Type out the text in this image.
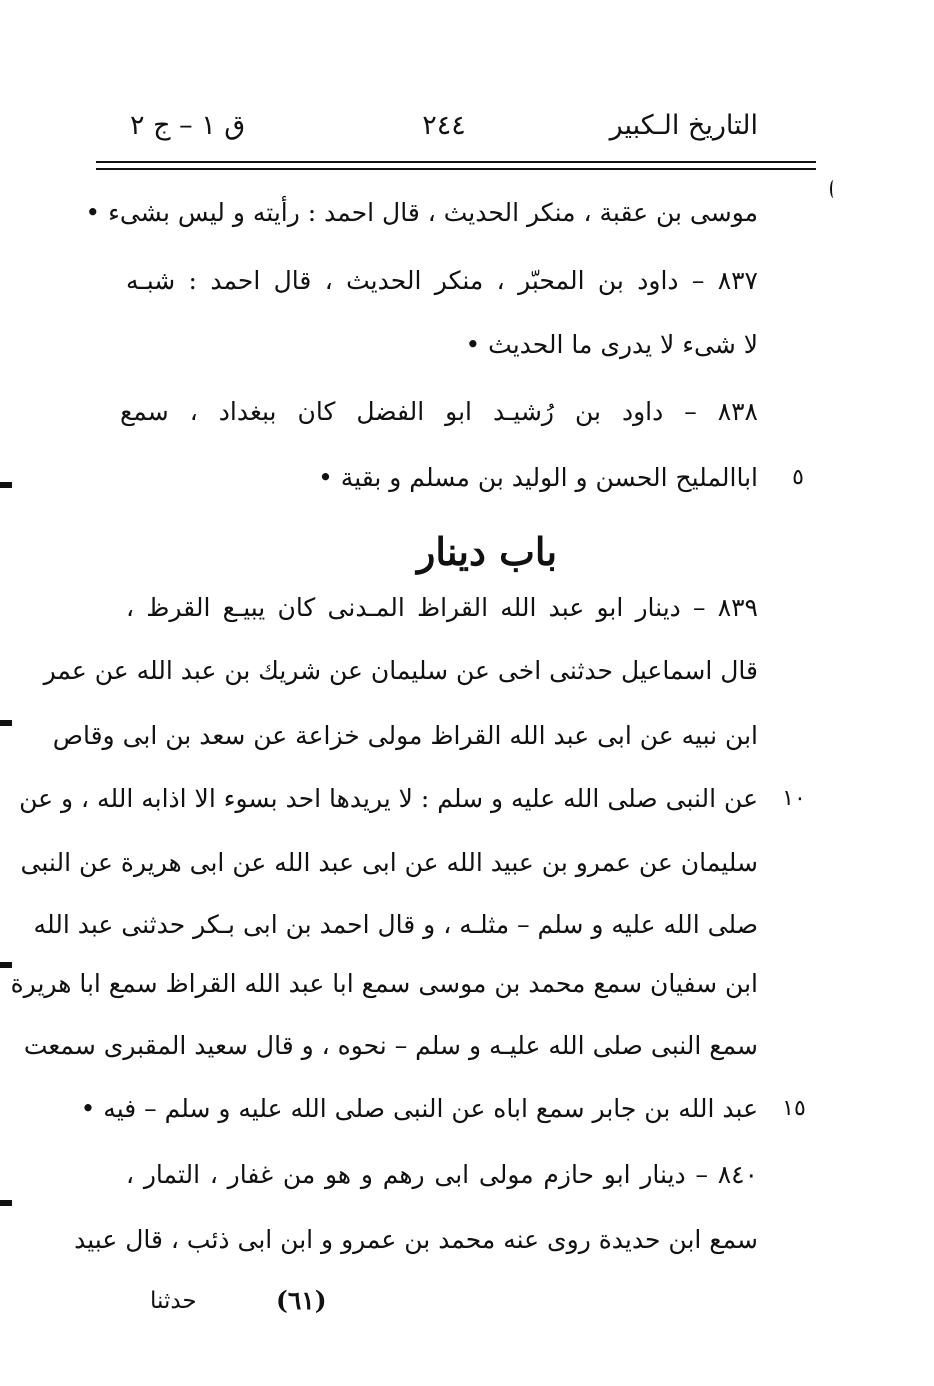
التاريخ الـكبير
٢٤٤
ق ١ – ج ٢
موسى بن عقبة ، منكر الحديث ، قال احمد : رأيته و ليس بشىء •
٨٣٧ – داود بن المحبّر ، منكر الحديث ، قال احمد : شبـه
لا شىء لا يدرى ما الحديث •
٨٣٨ – داود بن رُشيـد ابو الفضل كان ببغداد ، سمع
اباالمليح الحسن و الوليد بن مسلم و بقية •	٥
باب دينار
٨٣٩ – دينار ابو عبد الله القراظ المـدنى كان يبيـع القرظ ،
قال اسماعيل حدثنى اخى عن سليمان عن شريك بن عبد الله عن عمر
ابن نبيه عن ابى عبد الله القراظ مولى خزاعة عن سعد بن ابى وقاص
عن النبى صلى الله عليه و سلم : لا يريدها احد بسوء الا اذابه الله ، و عن	١٠
سليمان عن عمرو بن عبيد الله عن ابى عبد الله عن ابى هريرة عن النبى
صلى الله عليه و سلم – مثلـه ، و قال احمد بن ابى بـكر حدثنى عبد الله
ابن سفيان سمع محمد بن موسى سمع ابا عبد الله القراظ سمع ابا هريرة
سمع النبى صلى الله عليـه و سلم – نحوه ، و قال سعيد المقبرى سمعت
عبد الله بن جابر سمع اباه عن النبى صلى الله عليه و سلم – فيه •	١٥
٨٤٠ – دينار ابو حازم مولى ابى رهم و هو من غفار ، التمار ،
سمع ابن حديدة روى عنه محمد بن عمرو و ابن ابى ذئب ، قال عبيد
(٦١)
حدثنا
